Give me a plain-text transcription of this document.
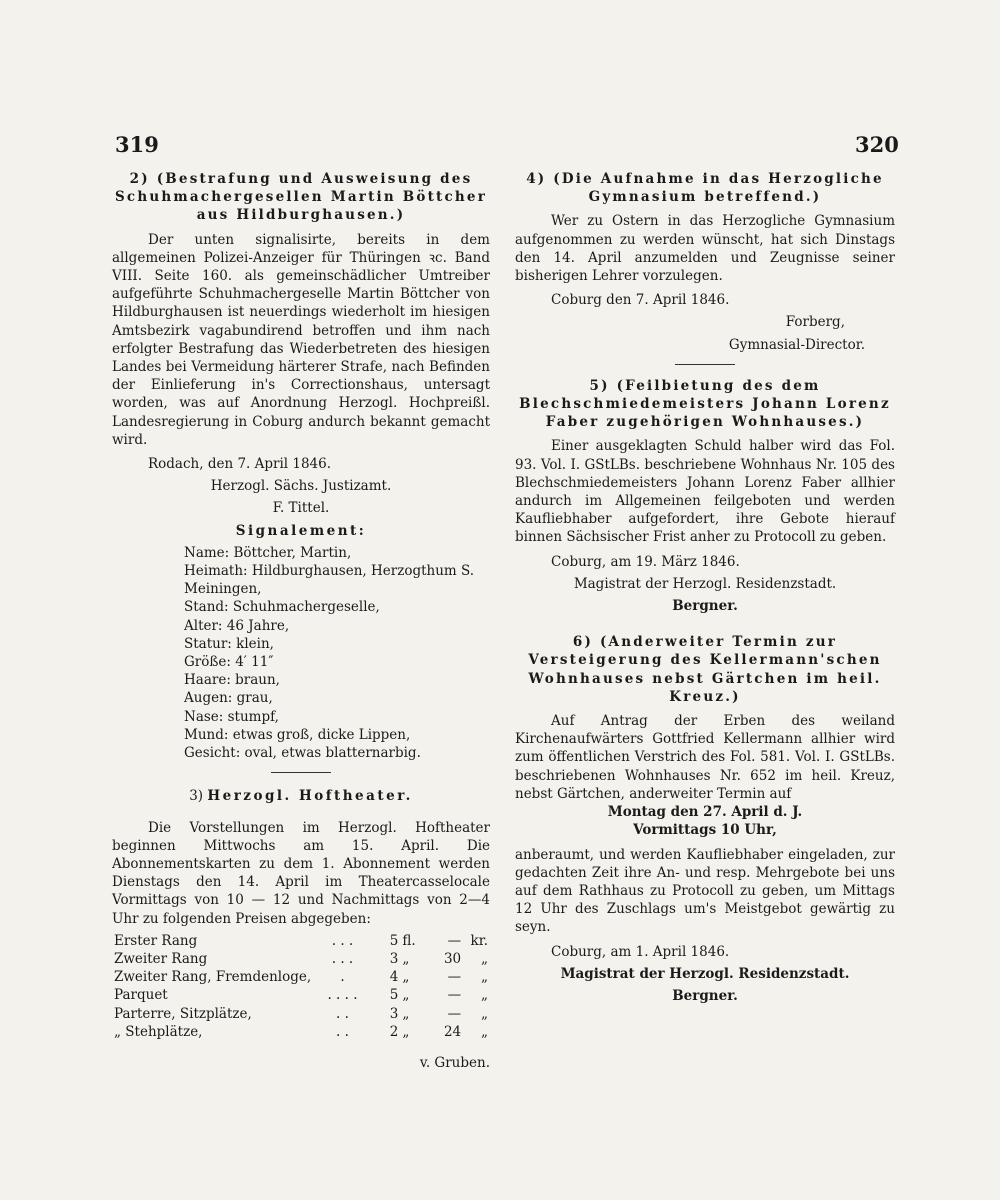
319	320

2) (Bestrafung und Ausweisung des Schuhmachergesellen Martin Böttcher aus Hildburghausen.)

Der unten signalisirte, bereits in dem allgemeinen Polizei-Anzeiger für Thüringen ꝛc. Band VIII. Seite 160. als gemeinschädlicher Umtreiber aufgeführte Schuhmachergeselle Martin Böttcher von Hildburghausen ist neuerdings wiederholt im hiesigen Amtsbezirk vagabundirend betroffen und ihm nach erfolgter Bestrafung das Wiederbetreten des hiesigen Landes bei Vermeidung härterer Strafe, nach Befinden der Einlieferung in's Correctionshaus, untersagt worden, was auf Anordnung Herzogl. Hochpreißl. Landesregierung in Coburg andurch bekannt gemacht wird.

Rodach, den 7. April 1846.

Herzogl. Sächs. Justizamt.

F. Tittel.

Signalement:

Name: Böttcher, Martin,

Heimath: Hildburghausen, Herzogthum S. Meiningen,

Stand: Schuhmachergeselle,

Alter: 46 Jahre,

Statur: klein,

Größe: 4′ 11″

Haare: braun,

Augen: grau,

Nase: stumpf,

Mund: etwas groß, dicke Lippen,

Gesicht: oval, etwas blatternarbig.

3) Herzogl. Hoftheater.

Die Vorstellungen im Herzogl. Hoftheater beginnen Mittwochs am 15. April. Die Abonnementskarten zu dem 1. Abonnement werden Dienstags den 14. April im Theatercasselocale Vormittags von 10 — 12 und Nachmittags von 2—4 Uhr zu folgenden Preisen abgegeben:

Erster Rang	. . .	5	fl.	—	kr.
Zweiter Rang	. . .	3	„	30	„
Zweiter Rang, Fremdenloge,	.	4	„	—	„
Parquet	. . . .	5	„	—	„
Parterre, Sitzplätze,	. .	3	„	—	„
„ Stehplätze,	. .	2	„	24	„

v. Gruben.

4) (Die Aufnahme in das Herzogliche Gymnasium betreffend.)

Wer zu Ostern in das Herzogliche Gymnasium aufgenommen zu werden wünscht, hat sich Dinstags den 14. April anzumelden und Zeugnisse seiner bisherigen Lehrer vorzulegen.

Coburg den 7. April 1846.

Forberg,

Gymnasial-Director.

5) (Feilbietung des dem Blechschmiedemeisters Johann Lorenz Faber zugehörigen Wohnhauses.)

Einer ausgeklagten Schuld halber wird das Fol. 93. Vol. I. GStLBs. beschriebene Wohnhaus Nr. 105 des Blechschmiedemeisters Johann Lorenz Faber allhier andurch im Allgemeinen feilgeboten und werden Kaufliebhaber aufgefordert, ihre Gebote hierauf binnen Sächsischer Frist anher zu Protocoll zu geben.

Coburg, am 19. März 1846.

Magistrat der Herzogl. Residenzstadt.

Bergner.

6) (Anderweiter Termin zur Versteigerung des Kellermann'schen Wohnhauses nebst Gärtchen im heil. Kreuz.)

Auf Antrag der Erben des weiland Kirchenaufwärters Gottfried Kellermann allhier wird zum öffentlichen Verstrich des Fol. 581. Vol. I. GStLBs. beschriebenen Wohnhauses Nr. 652 im heil. Kreuz, nebst Gärtchen, anderweiter Termin auf

Montag den 27. April d. J.

Vormittags 10 Uhr,

anberaumt, und werden Kaufliebhaber eingeladen, zur gedachten Zeit ihre An- und resp. Mehrgebote bei uns auf dem Rathhaus zu Protocoll zu geben, um Mittags 12 Uhr des Zuschlags um's Meistgebot gewärtig zu seyn.

Coburg, am 1. April 1846.

Magistrat der Herzogl. Residenzstadt.

Bergner.
